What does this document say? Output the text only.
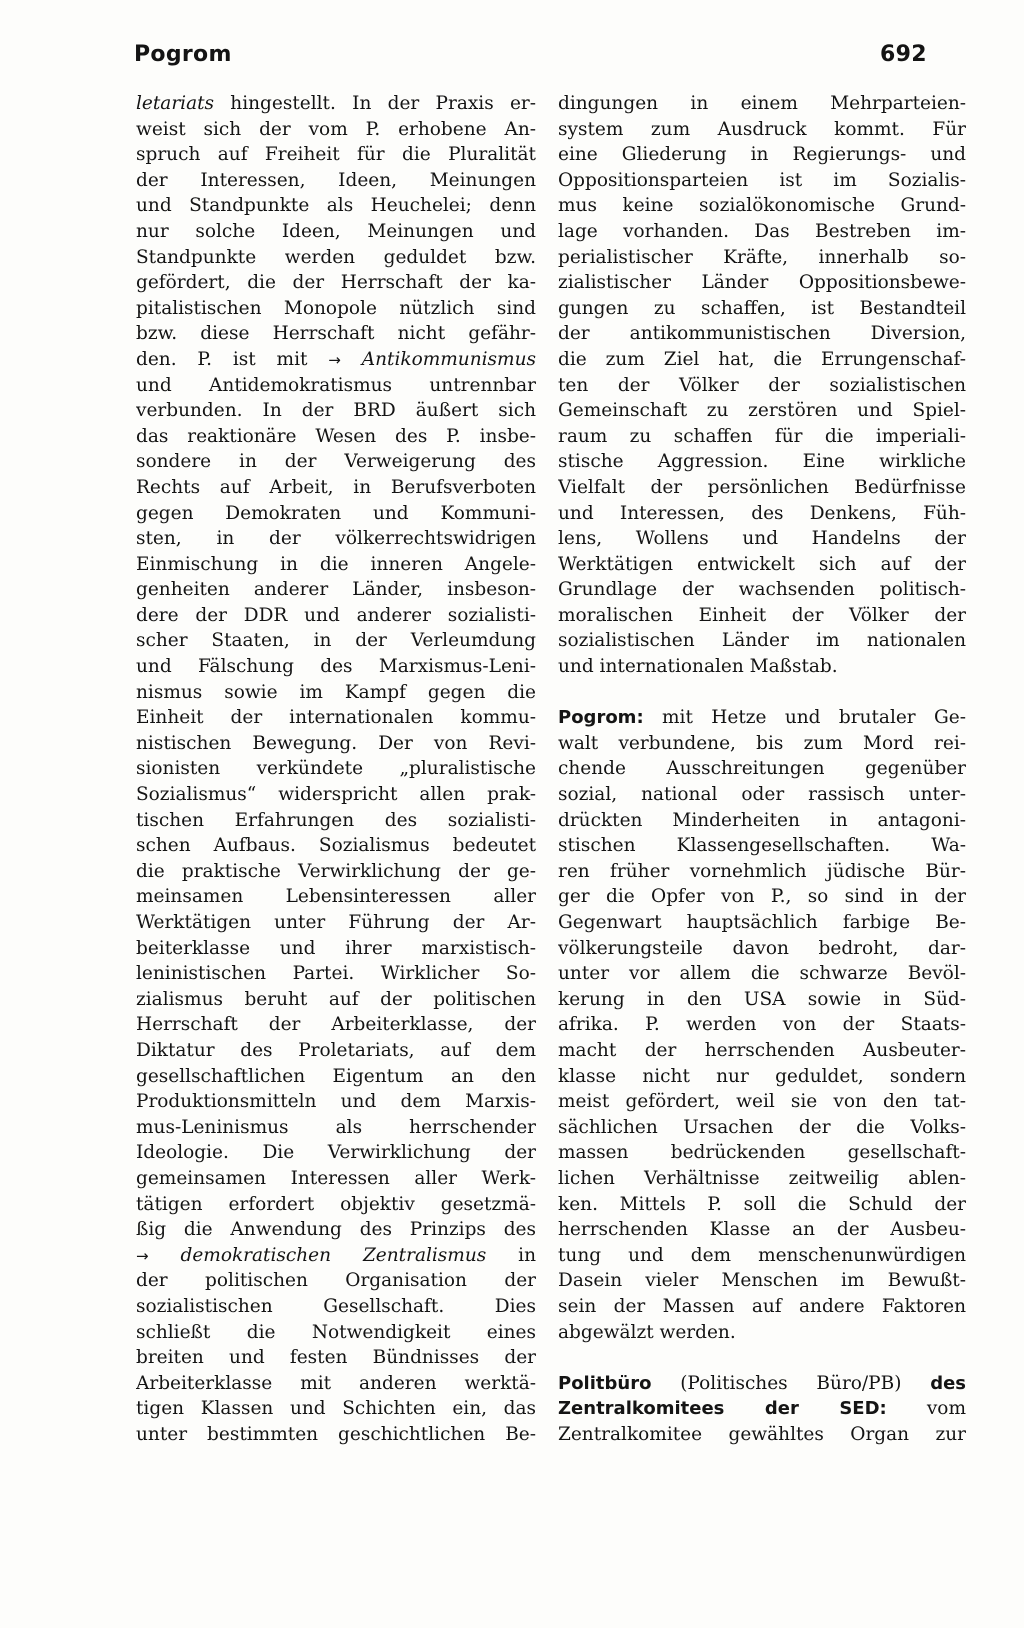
Pogrom	692
letariats hingestellt. In der Praxis er-
weist sich der vom P. erhobene An-
spruch auf Freiheit für die Pluralität
der Interessen, Ideen, Meinungen
und Standpunkte als Heuchelei; denn
nur solche Ideen, Meinungen und
Standpunkte werden geduldet bzw.
gefördert, die der Herrschaft der ka-
pitalistischen Monopole nützlich sind
bzw. diese Herrschaft nicht gefähr-
den. P. ist mit → Antikommunismus
und Antidemokratismus untrennbar
verbunden. In der BRD äußert sich
das reaktionäre Wesen des P. insbe-
sondere in der Verweigerung des
Rechts auf Arbeit, in Berufsverboten
gegen Demokraten und Kommuni-
sten, in der völkerrechtswidrigen
Einmischung in die inneren Angele-
genheiten anderer Länder, insbeson-
dere der DDR und anderer sozialisti-
scher Staaten, in der Verleumdung
und Fälschung des Marxismus-Leni-
nismus sowie im Kampf gegen die
Einheit der internationalen kommu-
nistischen Bewegung. Der von Revi-
sionisten verkündete „pluralistische
Sozialismus“ widerspricht allen prak-
tischen Erfahrungen des sozialisti-
schen Aufbaus. Sozialismus bedeutet
die praktische Verwirklichung der ge-
meinsamen Lebensinteressen aller
Werktätigen unter Führung der Ar-
beiterklasse und ihrer marxistisch-
leninistischen Partei. Wirklicher So-
zialismus beruht auf der politischen
Herrschaft der Arbeiterklasse, der
Diktatur des Proletariats, auf dem
gesellschaftlichen Eigentum an den
Produktionsmitteln und dem Marxis-
mus-Leninismus als herrschender
Ideologie. Die Verwirklichung der
gemeinsamen Interessen aller Werk-
tätigen erfordert objektiv gesetzmä-
ßig die Anwendung des Prinzips des
→ demokratischen Zentralismus in
der politischen Organisation der
sozialistischen Gesellschaft. Dies
schließt die Notwendigkeit eines
breiten und festen Bündnisses der
Arbeiterklasse mit anderen werktä-
tigen Klassen und Schichten ein, das
unter bestimmten geschichtlichen Be-
dingungen in einem Mehrparteien-
system zum Ausdruck kommt. Für
eine Gliederung in Regierungs- und
Oppositionsparteien ist im Sozialis-
mus keine sozialökonomische Grund-
lage vorhanden. Das Bestreben im-
perialistischer Kräfte, innerhalb so-
zialistischer Länder Oppositionsbewe-
gungen zu schaffen, ist Bestandteil
der antikommunistischen Diversion,
die zum Ziel hat, die Errungenschaf-
ten der Völker der sozialistischen
Gemeinschaft zu zerstören und Spiel-
raum zu schaffen für die imperiali-
stische Aggression. Eine wirkliche
Vielfalt der persönlichen Bedürfnisse
und Interessen, des Denkens, Füh-
lens, Wollens und Handelns der
Werktätigen entwickelt sich auf der
Grundlage der wachsenden politisch-
moralischen Einheit der Völker der
sozialistischen Länder im nationalen
und internationalen Maßstab.
Pogrom: mit Hetze und brutaler Ge-
walt verbundene, bis zum Mord rei-
chende Ausschreitungen gegenüber
sozial, national oder rassisch unter-
drückten Minderheiten in antagoni-
stischen Klassengesellschaften. Wa-
ren früher vornehmlich jüdische Bür-
ger die Opfer von P., so sind in der
Gegenwart hauptsächlich farbige Be-
völkerungsteile davon bedroht, dar-
unter vor allem die schwarze Bevöl-
kerung in den USA sowie in Süd-
afrika. P. werden von der Staats-
macht der herrschenden Ausbeuter-
klasse nicht nur geduldet, sondern
meist gefördert, weil sie von den tat-
sächlichen Ursachen der die Volks-
massen bedrückenden gesellschaft-
lichen Verhältnisse zeitweilig ablen-
ken. Mittels P. soll die Schuld der
herrschenden Klasse an der Ausbeu-
tung und dem menschenunwürdigen
Dasein vieler Menschen im Bewußt-
sein der Massen auf andere Faktoren
abgewälzt werden.
Politbüro (Politisches Büro/PB) des
Zentralkomitees der SED: vom
Zentralkomitee gewähltes Organ zur
